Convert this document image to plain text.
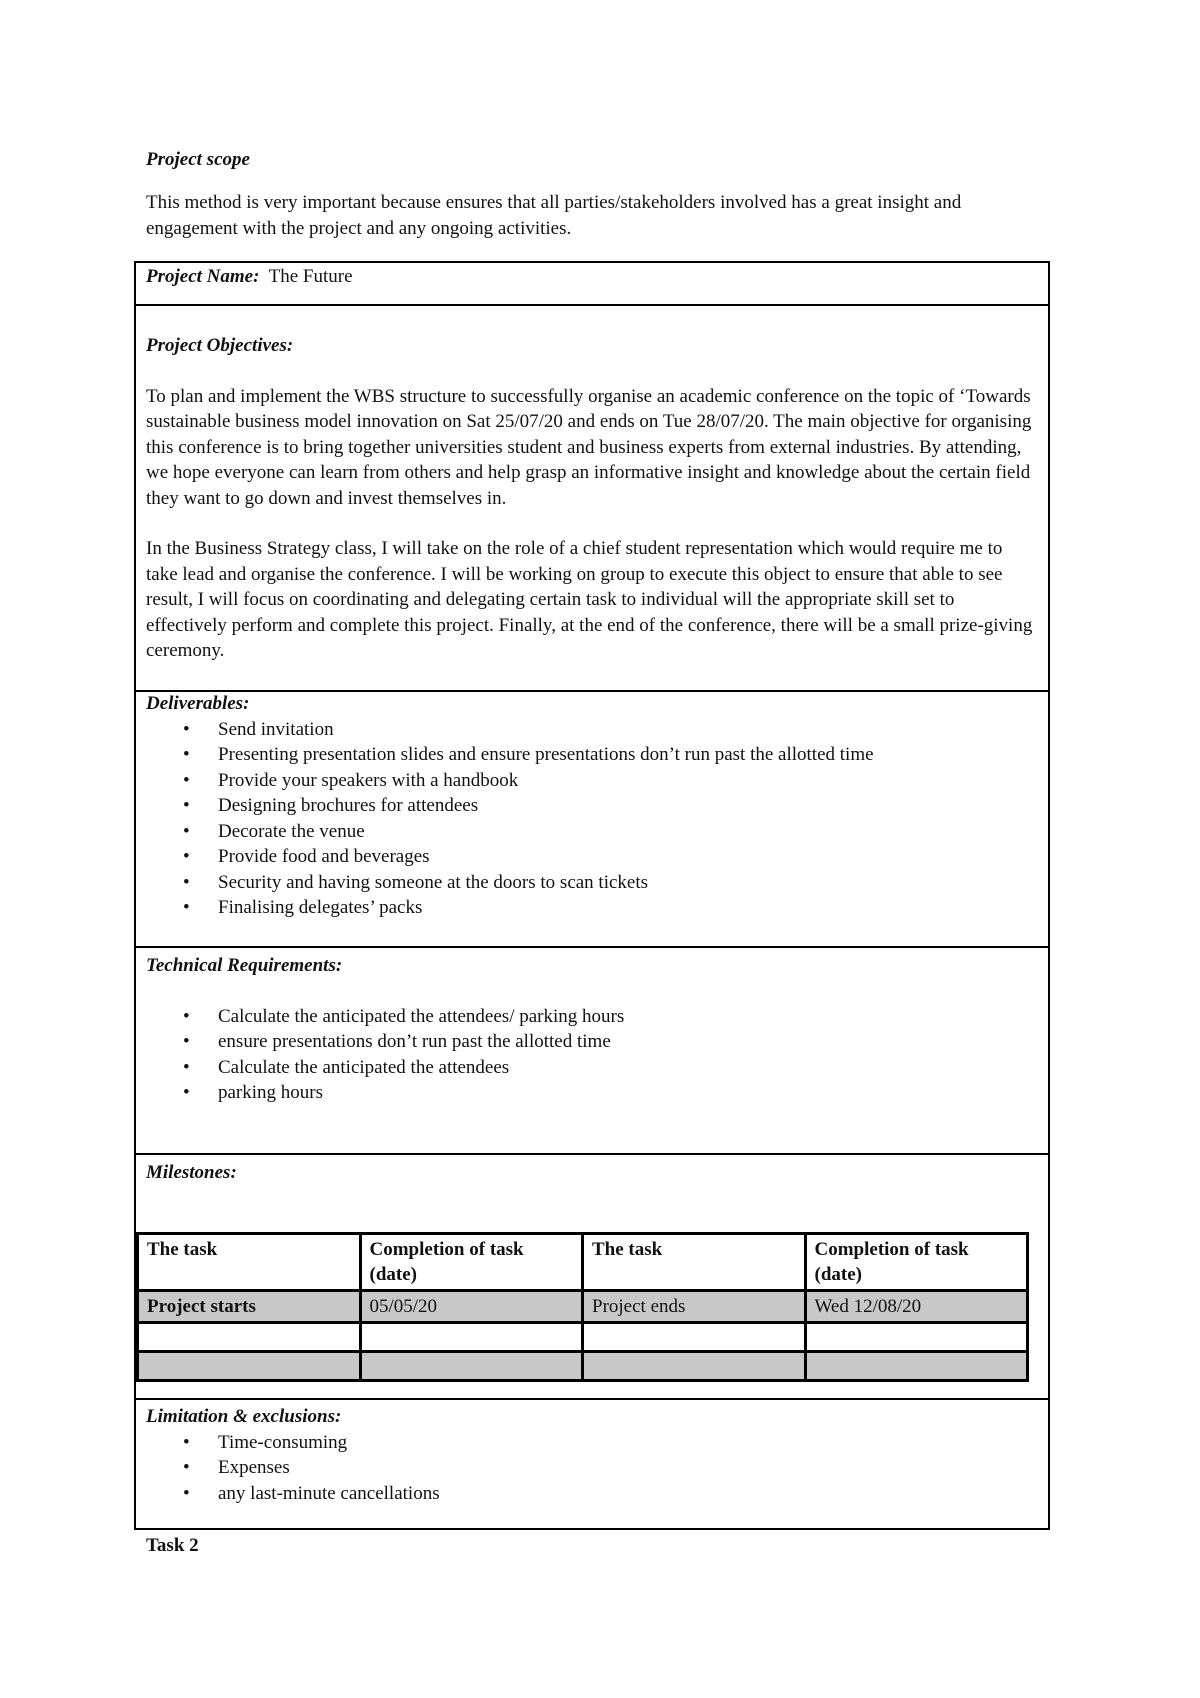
Project scope
This method is very important because ensures that all parties/stakeholders involved has a great insight and engagement with the project and any ongoing activities.
Project Name: The Future

Project Objectives:

To plan and implement the WBS structure to successfully organise an academic conference on the topic of ‘Towards sustainable business model innovation on Sat 25/07/20 and ends on Tue 28/07/20. The main objective for organising this conference is to bring together universities student and business experts from external industries. By attending, we hope everyone can learn from others and help grasp an informative insight and knowledge about the certain field they want to go down and invest themselves in.

In the Business Strategy class, I will take on the role of a chief student representation which would require me to take lead and organise the conference. I will be working on group to execute this object to ensure that able to see result, I will focus on coordinating and delegating certain task to individual will the appropriate skill set to effectively perform and complete this project. Finally, at the end of the conference, there will be a small prize-giving ceremony.

Deliverables:

• Send invitation
• Presenting presentation slides and ensure presentations don’t run past the allotted time
• Provide your speakers with a handbook
• Designing brochures for attendees
• Decorate the venue
• Provide food and beverages
• Security and having someone at the doors to scan tickets
• Finalising delegates’ packs

Technical Requirements:

• Calculate the anticipated the attendees/ parking hours
• ensure presentations don’t run past the allotted time
• Calculate the anticipated the attendees
• parking hours

Milestones:

The task	Completion of task (date)	The task	Completion of task (date)
Project starts	05/05/20	Project ends	Wed 12/08/20

Limitation & exclusions:

• Time-consuming
• Expenses
• any last-minute cancellations
Task 2
